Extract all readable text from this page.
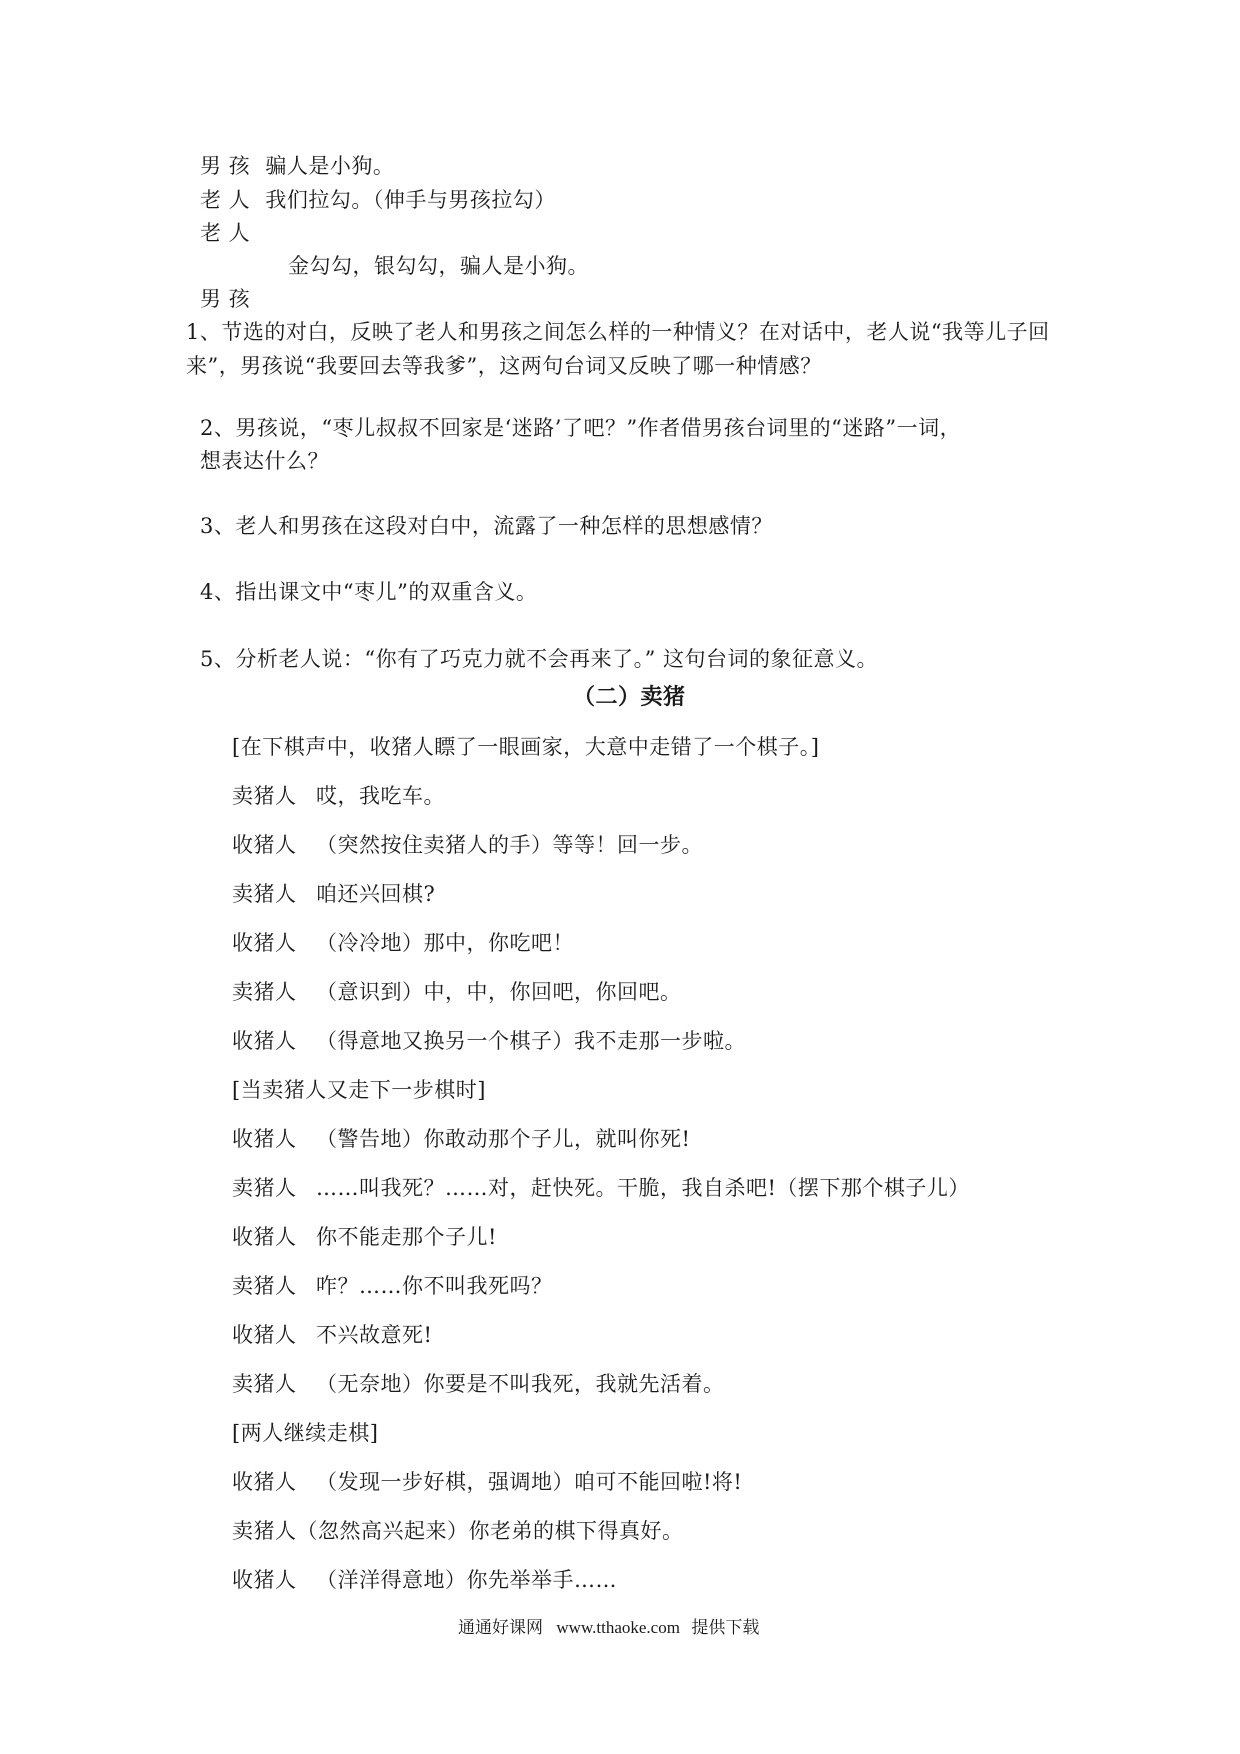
男 孩 骗人是小狗。
老 人 我们拉勾。（伸手与男孩拉勾）
老 人
金勾勾，银勾勾，骗人是小狗。
男 孩
1、节选的对白，反映了老人和男孩之间怎么样的一种情义？在对话中，老人说“我等儿子回
来”，男孩说“我要回去等我爹”，这两句台词又反映了哪一种情感？
2、男孩说，“枣儿叔叔不回家是‘迷路’了吧？”作者借男孩台词里的“迷路”一词，
想表达什么？
3、老人和男孩在这段对白中，流露了一种怎样的思想感情？
4、指出课文中“枣儿”的双重含义。
5、分析老人说：“你有了巧克力就不会再来了。” 这句台词的象征意义。
（二）卖猪
[在下棋声中，收猪人瞟了一眼画家，大意中走错了一个棋子。]
卖猪人 哎，我吃车。
收猪人 （突然按住卖猪人的手）等等！回一步。
卖猪人 咱还兴回棋?
收猪人 （冷冷地）那中，你吃吧！
卖猪人 （意识到）中，中，你回吧，你回吧。
收猪人 （得意地又换另一个棋子）我不走那一步啦。
[当卖猪人又走下一步棋时]
收猪人 （警告地）你敢动那个子儿，就叫你死!
卖猪人 ……叫我死？……对，赶快死。干脆，我自杀吧!（摆下那个棋子儿）
收猪人 你不能走那个子儿!
卖猪人 咋？……你不叫我死吗？
收猪人 不兴故意死!
卖猪人 （无奈地）你要是不叫我死，我就先活着。
[两人继续走棋]
收猪人 （发现一步好棋，强调地）咱可不能回啦!将!
卖猪人（忽然高兴起来）你老弟的棋下得真好。
收猪人 （洋洋得意地）你先举举手……
通通好课网 www.tthaoke.com 提供下载
